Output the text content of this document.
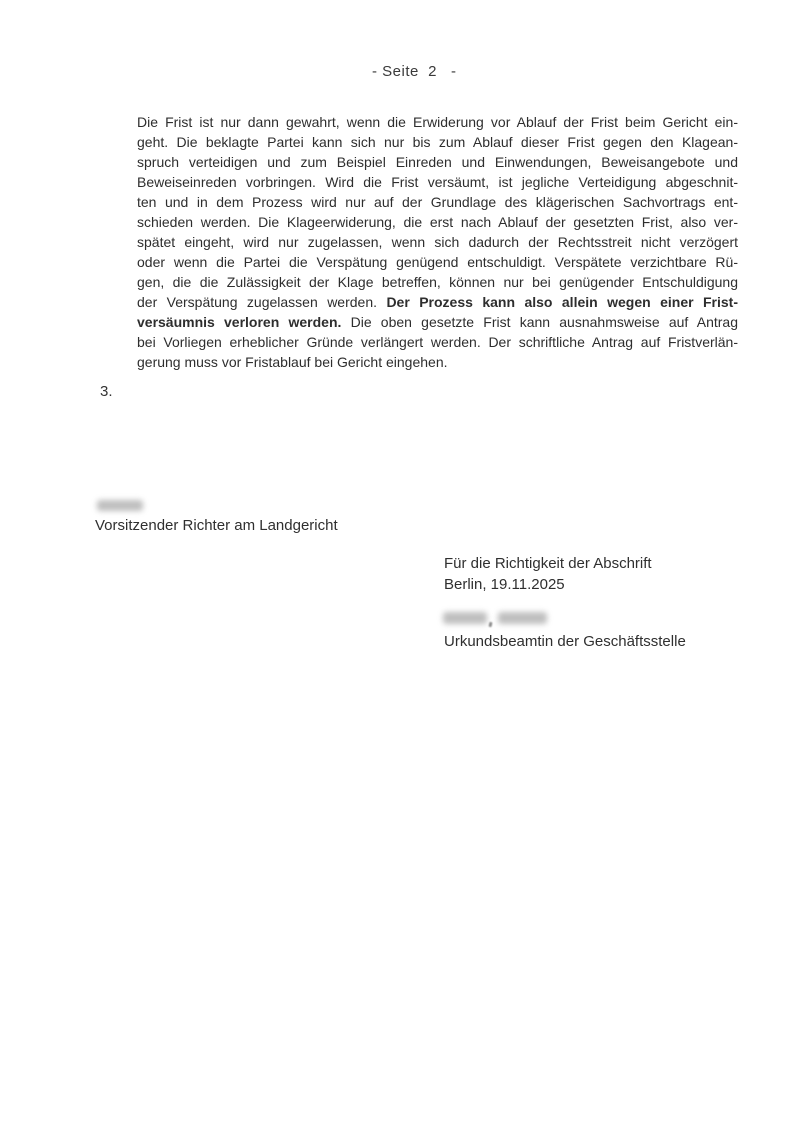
- Seite  2   -
Die Frist ist nur dann gewahrt, wenn die Erwiderung vor Ablauf der Frist beim Gericht ein-
geht. Die beklagte Partei kann sich nur bis zum Ablauf dieser Frist gegen den Klagean-
spruch verteidigen und zum Beispiel Einreden und Einwendungen, Beweisangebote und
Beweiseinreden vorbringen. Wird die Frist versäumt, ist jegliche Verteidigung abgeschnit-
ten und in dem Prozess wird nur auf der Grundlage des klägerischen Sachvortrags ent-
schieden werden. Die Klageerwiderung, die erst nach Ablauf der gesetzten Frist, also ver-
spätet eingeht, wird nur zugelassen, wenn sich dadurch der Rechtsstreit nicht verzögert
oder wenn die Partei die Verspätung genügend entschuldigt. Verspätete verzichtbare Rü-
gen, die die Zulässigkeit der Klage betreffen, können nur bei genügender Entschuldigung
der Verspätung zugelassen werden. Der Prozess kann also allein wegen einer Frist-
versäumnis verloren werden. Die oben gesetzte Frist kann ausnahmsweise auf Antrag
bei Vorliegen erheblicher Gründe verlängert werden. Der schriftliche Antrag auf Fristverlän-
gerung muss vor Fristablauf bei Gericht eingehen.
3.
Vorsitzender Richter am Landgericht
Für die Richtigkeit der Abschrift
Berlin, 19.11.2025
Urkundsbeamtin der Geschäftsstelle
